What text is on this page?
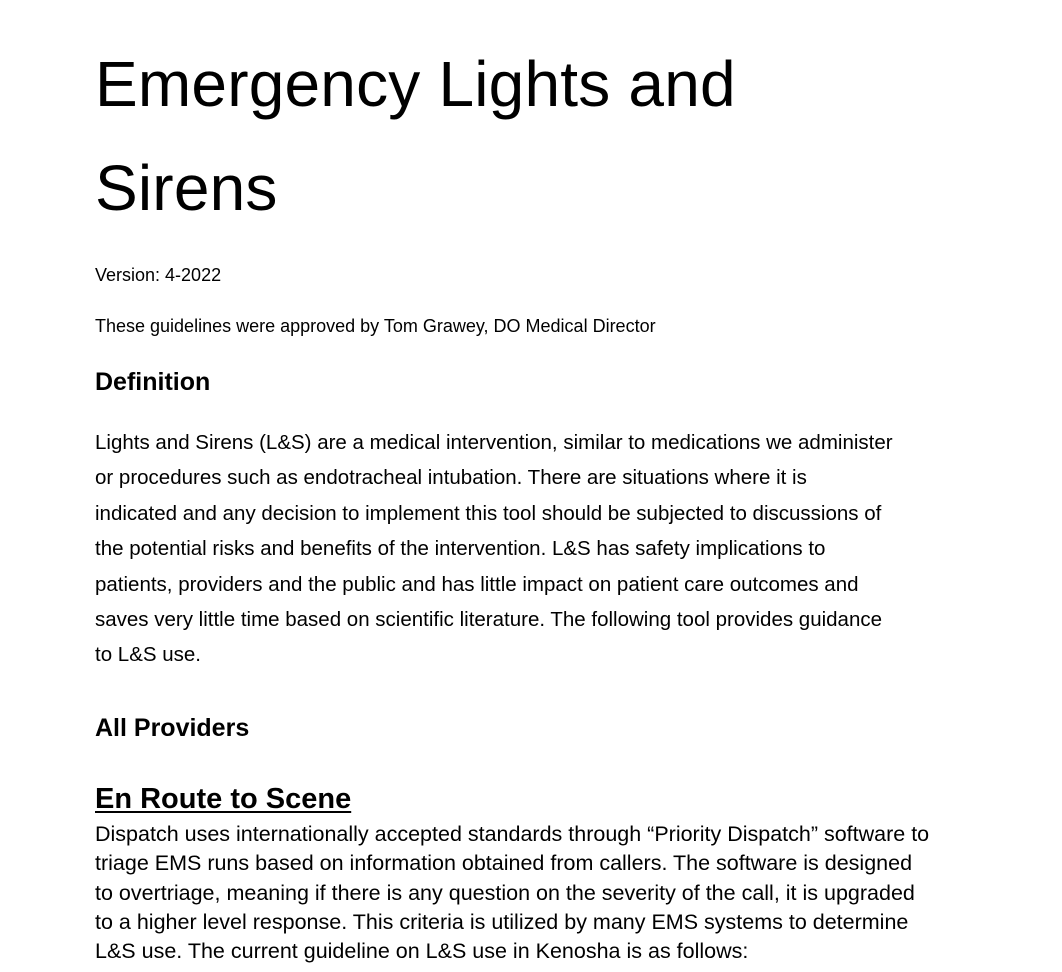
Emergency Lights and
Sirens

Version: 4-2022

These guidelines were approved by Tom Grawey, DO Medical Director

Definition

Lights and Sirens (L&S) are a medical intervention, similar to medications we administer
or procedures such as endotracheal intubation. There are situations where it is
indicated and any decision to implement this tool should be subjected to discussions of
the potential risks and benefits of the intervention. L&S has safety implications to
patients, providers and the public and has little impact on patient care outcomes and
saves very little time based on scientific literature. The following tool provides guidance
to L&S use.

All Providers
En Route to Scene

Dispatch uses internationally accepted standards through “Priority Dispatch” software to
triage EMS runs based on information obtained from callers. The software is designed
to overtriage, meaning if there is any question on the severity of the call, it is upgraded
to a higher level response. This criteria is utilized by many EMS systems to determine
L&S use. The current guideline on L&S use in Kenosha is as follows:
